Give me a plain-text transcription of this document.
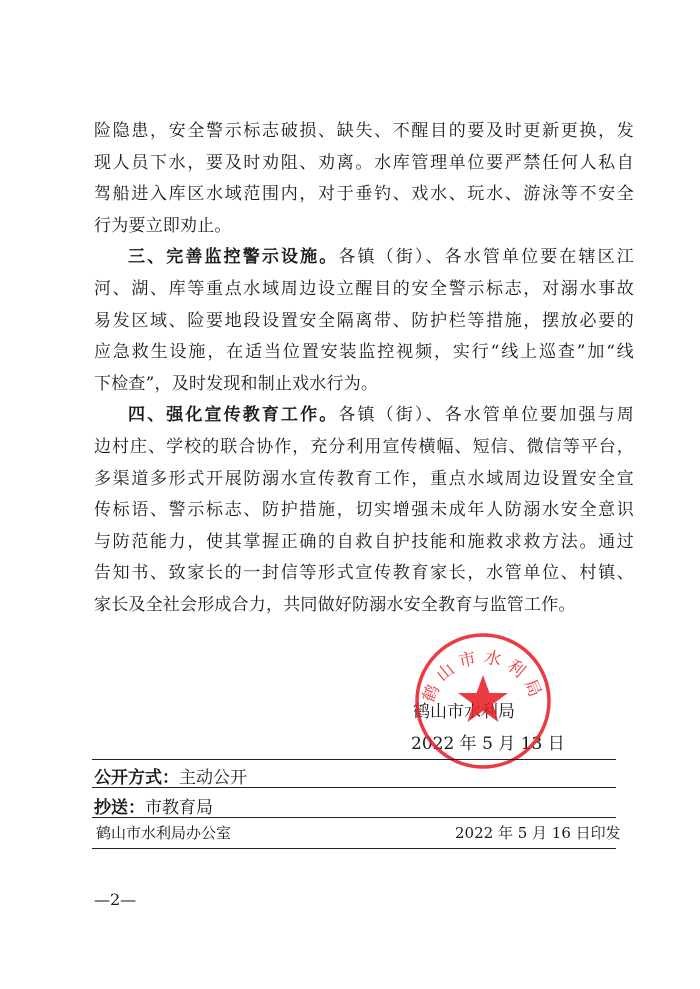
险隐患，安全警示标志破损、缺失、不醒目的要及时更新更换，发
现人员下水，要及时劝阻、劝离。水库管理单位要严禁任何人私自
驾船进入库区水域范围内，对于垂钓、戏水、玩水、游泳等不安全
行为要立即劝止。
三、完善监控警示设施。各镇（街）、各水管单位要在辖区江
河、湖、库等重点水域周边设立醒目的安全警示标志，对溺水事故
易发区域、险要地段设置安全隔离带、防护栏等措施，摆放必要的
应急救生设施，在适当位置安装监控视频，实行“线上巡查”加“线
下检查”，及时发现和制止戏水行为。
四、强化宣传教育工作。各镇（街）、各水管单位要加强与周
边村庄、学校的联合协作，充分利用宣传横幅、短信、微信等平台，
多渠道多形式开展防溺水宣传教育工作，重点水域周边设置安全宣
传标语、警示标志、防护措施，切实增强未成年人防溺水安全意识
与防范能力，使其掌握正确的自救自护技能和施救求救方法。通过
告知书、致家长的一封信等形式宣传教育家长，水管单位、村镇、
家长及全社会形成合力，共同做好防溺水安全教育与监管工作。
鹤山市水利局
2022 年 5 月 13 日
鹤山市水利局
公开方式：主动公开
抄送：市教育局
鹤山市水利局办公室	2022 年 5 月 16 日印发
—2—
